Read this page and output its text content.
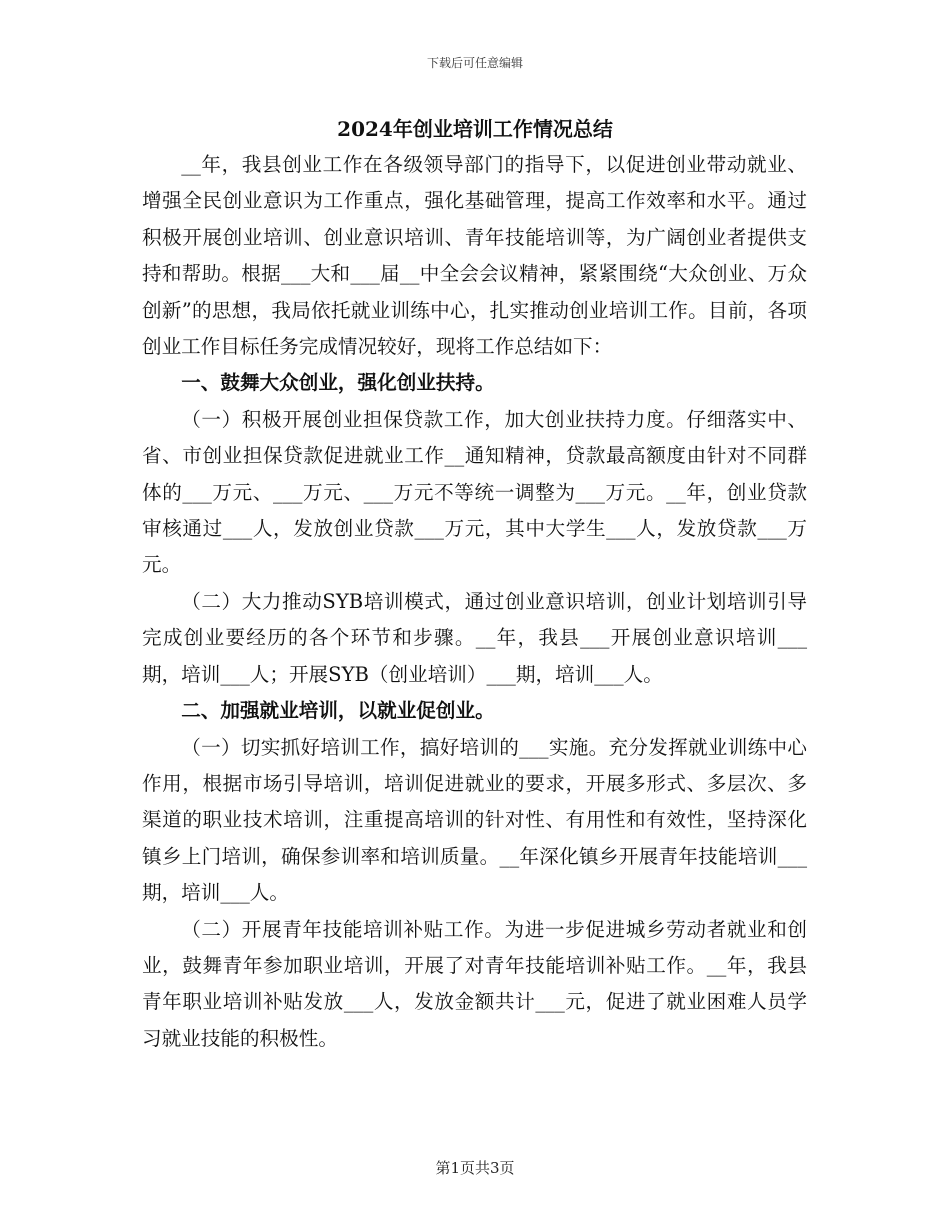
下载后可任意编辑
2024年创业培训工作情况总结

__年，我县创业工作在各级领导部门的指导下，以促进创业带动就业、增强全民创业意识为工作重点，强化基础管理，提高工作效率和水平。通过积极开展创业培训、创业意识培训、青年技能培训等，为广阔创业者提供支持和帮助。根据___大和___届__中全会会议精神，紧紧围绕“大众创业、万众创新”的思想，我局依托就业训练中心，扎实推动创业培训工作。目前，各项创业工作目标任务完成情况较好，现将工作总结如下：

一、鼓舞大众创业，强化创业扶持。

（一）积极开展创业担保贷款工作，加大创业扶持力度。仔细落实中、省、市创业担保贷款促进就业工作__通知精神，贷款最高额度由针对不同群体的___万元、___万元、___万元不等统一调整为___万元。__年，创业贷款审核通过___人，发放创业贷款___万元，其中大学生___人，发放贷款___万元。

（二）大力推动SYB培训模式，通过创业意识培训，创业计划培训引导完成创业要经历的各个环节和步骤。__年，我县___开展创业意识培训___期，培训___人；开展SYB（创业培训）___期，培训___人。

二、加强就业培训，以就业促创业。

（一）切实抓好培训工作，搞好培训的___实施。充分发挥就业训练中心作用，根据市场引导培训，培训促进就业的要求，开展多形式、多层次、多渠道的职业技术培训，注重提高培训的针对性、有用性和有效性，坚持深化镇乡上门培训，确保参训率和培训质量。__年深化镇乡开展青年技能培训___期，培训___人。

（二）开展青年技能培训补贴工作。为进一步促进城乡劳动者就业和创业，鼓舞青年参加职业培训，开展了对青年技能培训补贴工作。__年，我县青年职业培训补贴发放___人，发放金额共计___元，促进了就业困难人员学习就业技能的积极性。

第1页共3页
